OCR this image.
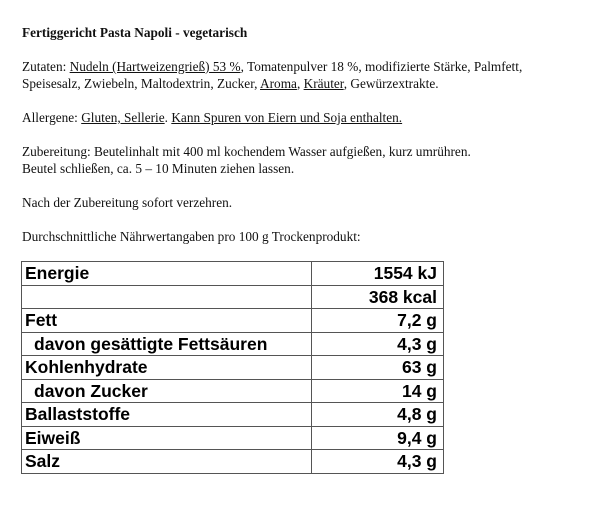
Fertiggericht Pasta Napoli - vegetarisch
Zutaten: Nudeln (Hartweizengrieß) 53 %, Tomatenpulver 18 %, modifizierte Stärke, Palmfett,
Speisesalz, Zwiebeln, Maltodextrin, Zucker, Aroma, Kräuter, Gewürzextrakte.
Allergene: Gluten, Sellerie. Kann Spuren von Eiern und Soja enthalten.
Zubereitung: Beutelinhalt mit 400 ml kochendem Wasser aufgießen, kurz umrühren.
Beutel schließen, ca. 5 – 10 Minuten ziehen lassen.
Nach der Zubereitung sofort verzehren.
Durchschnittliche Nährwertangaben pro 100 g Trockenprodukt:
Energie	1554 kJ
	368 kcal
Fett	7,2 g
davon gesättigte Fettsäuren	4,3 g
Kohlenhydrate	63 g
davon Zucker	14 g
Ballaststoffe	4,8 g
Eiweiß	9,4 g
Salz	4,3 g
